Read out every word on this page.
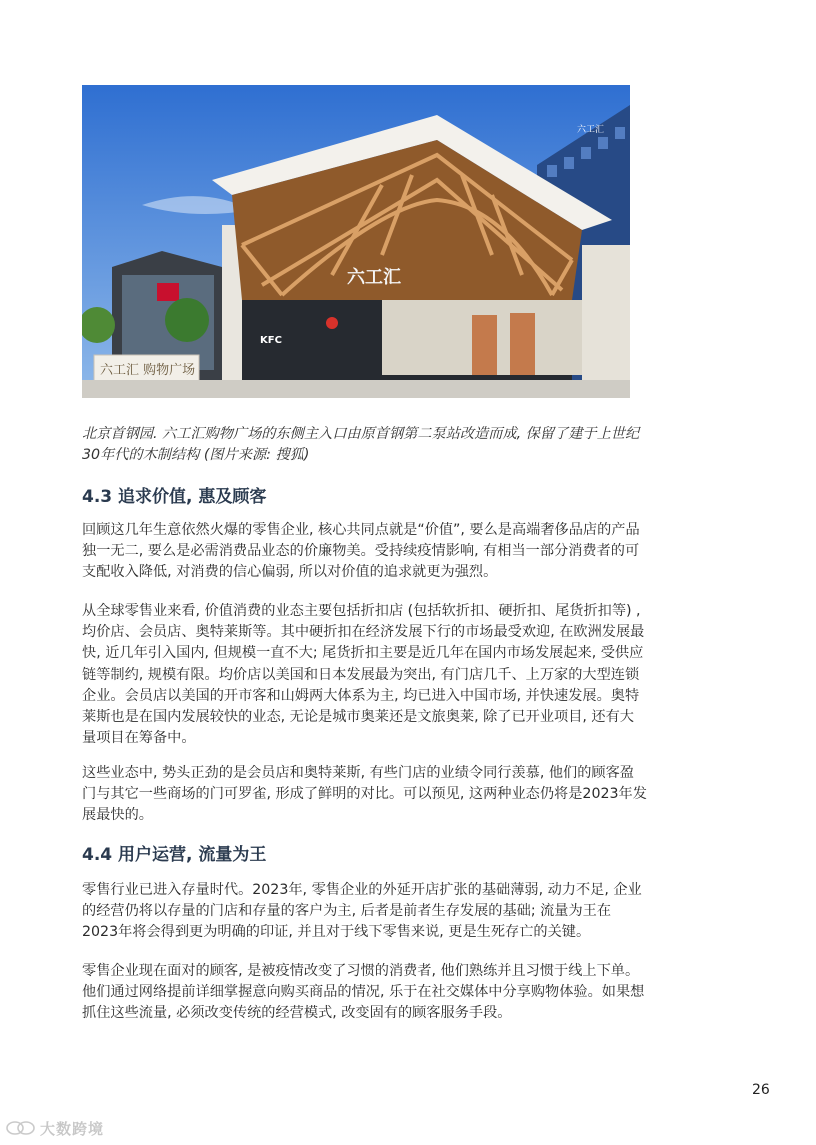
六工汇
六工汇 购物广场
六工汇
KFC

北京首钢园. 六工汇购物广场的东侧主入口由原首钢第二泵站改造而成, 保留了建于上世纪30年代的木制结构 (图片来源: 搜狐)

4.3 追求价值, 惠及顾客

回顾这几年生意依然火爆的零售企业, 核心共同点就是“价值”, 要么是高端奢侈品店的产品独一无二, 要么是必需消费品业态的价廉物美。受持续疫情影响, 有相当一部分消费者的可支配收入降低, 对消费的信心偏弱, 所以对价值的追求就更为强烈。

从全球零售业来看, 价值消费的业态主要包括折扣店 (包括软折扣、硬折扣、尾货折扣等) , 均价店、会员店、奥特莱斯等。其中硬折扣在经济发展下行的市场最受欢迎, 在欧洲发展最快, 近几年引入国内, 但规模一直不大; 尾货折扣主要是近几年在国内市场发展起来, 受供应链等制约, 规模有限。均价店以美国和日本发展最为突出, 有门店几千、上万家的大型连锁企业。会员店以美国的开市客和山姆两大体系为主, 均已进入中国市场, 并快速发展。奥特莱斯也是在国内发展较快的业态, 无论是城市奥莱还是文旅奥莱, 除了已开业项目, 还有大量项目在筹备中。

这些业态中, 势头正劲的是会员店和奥特莱斯, 有些门店的业绩令同行羡慕, 他们的顾客盈门与其它一些商场的门可罗雀, 形成了鲜明的对比。可以预见, 这两种业态仍将是2023年发展最快的。

4.4 用户运营, 流量为王

零售行业已进入存量时代。2023年, 零售企业的外延开店扩张的基础薄弱, 动力不足, 企业的经营仍将以存量的门店和存量的客户为主, 后者是前者生存发展的基础; 流量为王在2023年将会得到更为明确的印证, 并且对于线下零售来说, 更是生死存亡的关键。

零售企业现在面对的顾客, 是被疫情改变了习惯的消费者, 他们熟练并且习惯于线上下单。他们通过网络提前详细掌握意向购买商品的情况, 乐于在社交媒体中分享购物体验。如果想抓住这些流量, 必须改变传统的经营模式, 改变固有的顾客服务手段。

26
大数跨境
